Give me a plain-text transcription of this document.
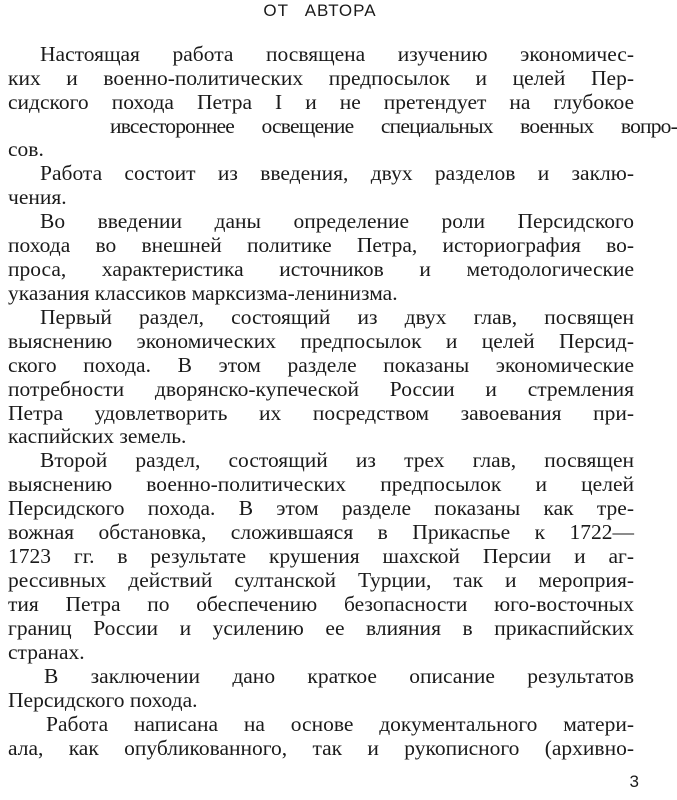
ОТ АВТОРА
Настоящая работа посвящена изучению экономичес-
ких и военно-политических предпосылок и целей Пер-
сидского похода Петра I и не претендует на глубокое
ивсестороннее освещение специальных военных вопро-
сов.
Работа состоит из введения, двух разделов и заклю-
чения.
Во введении даны определение роли Персидского
похода во внешней политике Петра, историография во-
проса, характеристика источников и методологические
указания классиков марксизма-ленинизма.
Первый раздел, состоящий из двух глав, посвящен
выяснению экономических предпосылок и целей Персид-
ского похода. В этом разделе показаны экономические
потребности дворянско-купеческой России и стремления
Петра удовлетворить их посредством завоевания при-
каспийских земель.
Второй раздел, состоящий из трех глав, посвящен
выяснению военно-политических предпосылок и целей
Персидского похода. В этом разделе показаны как тре-
вожная обстановка, сложившаяся в Прикаспье к 1722—
1723 гг. в результате крушения шахской Персии и аг-
рессивных действий султанской Турции, так и мероприя-
тия Петра по обеспечению безопасности юго-восточных
границ России и усилению ее влияния в прикаспийских
странах.
В заключении дано краткое описание результатов
Персидского похода.
Работа написана на основе документального матери-
ала, как опубликованного, так и рукописного (архивно-
3
